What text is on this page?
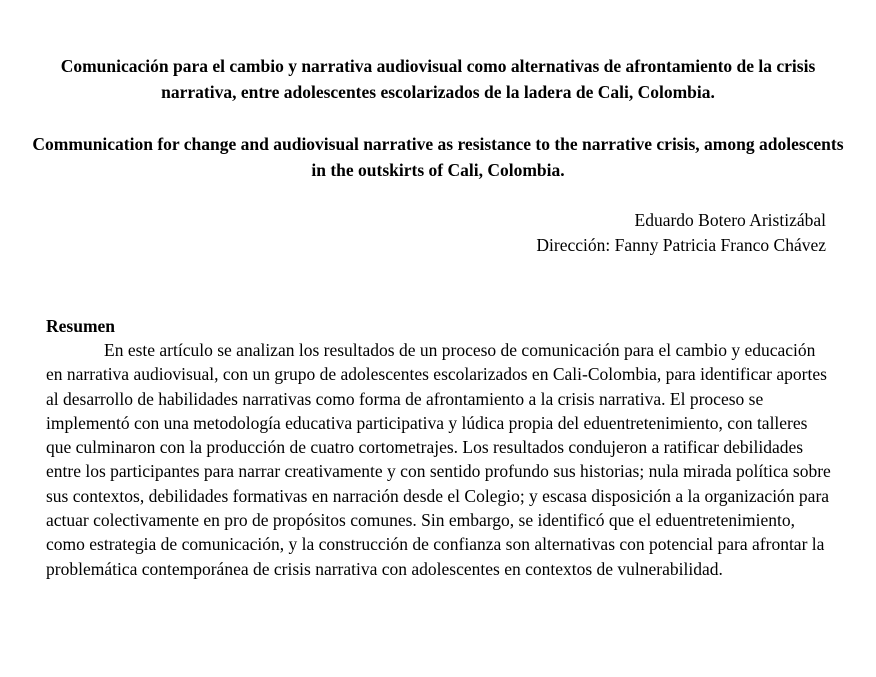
Comunicación para el cambio y narrativa audiovisual como alternativas de afrontamiento de la crisis narrativa, entre adolescentes escolarizados de la ladera de Cali, Colombia.
Communication for change and audiovisual narrative as resistance to the narrative crisis, among adolescents in the outskirts of Cali, Colombia.
Eduardo Botero Aristizábal
Dirección: Fanny Patricia Franco Chávez
Resumen

En este artículo se analizan los resultados de un proceso de comunicación para el cambio y educación en narrativa audiovisual, con un grupo de adolescentes escolarizados en Cali-Colombia, para identificar aportes al desarrollo de habilidades narrativas como forma de afrontamiento a la crisis narrativa. El proceso se implementó con una metodología educativa participativa y lúdica propia del eduentretenimiento, con talleres que culminaron con la producción de cuatro cortometrajes. Los resultados condujeron a ratificar debilidades entre los participantes para narrar creativamente y con sentido profundo sus historias; nula mirada política sobre sus contextos, debilidades formativas en narración desde el Colegio; y escasa disposición a la organización para actuar colectivamente en pro de propósitos comunes. Sin embargo, se identificó que el eduentretenimiento, como estrategia de comunicación, y la construcción de confianza son alternativas con potencial para afrontar la problemática contemporánea de crisis narrativa con adolescentes en contextos de vulnerabilidad.
